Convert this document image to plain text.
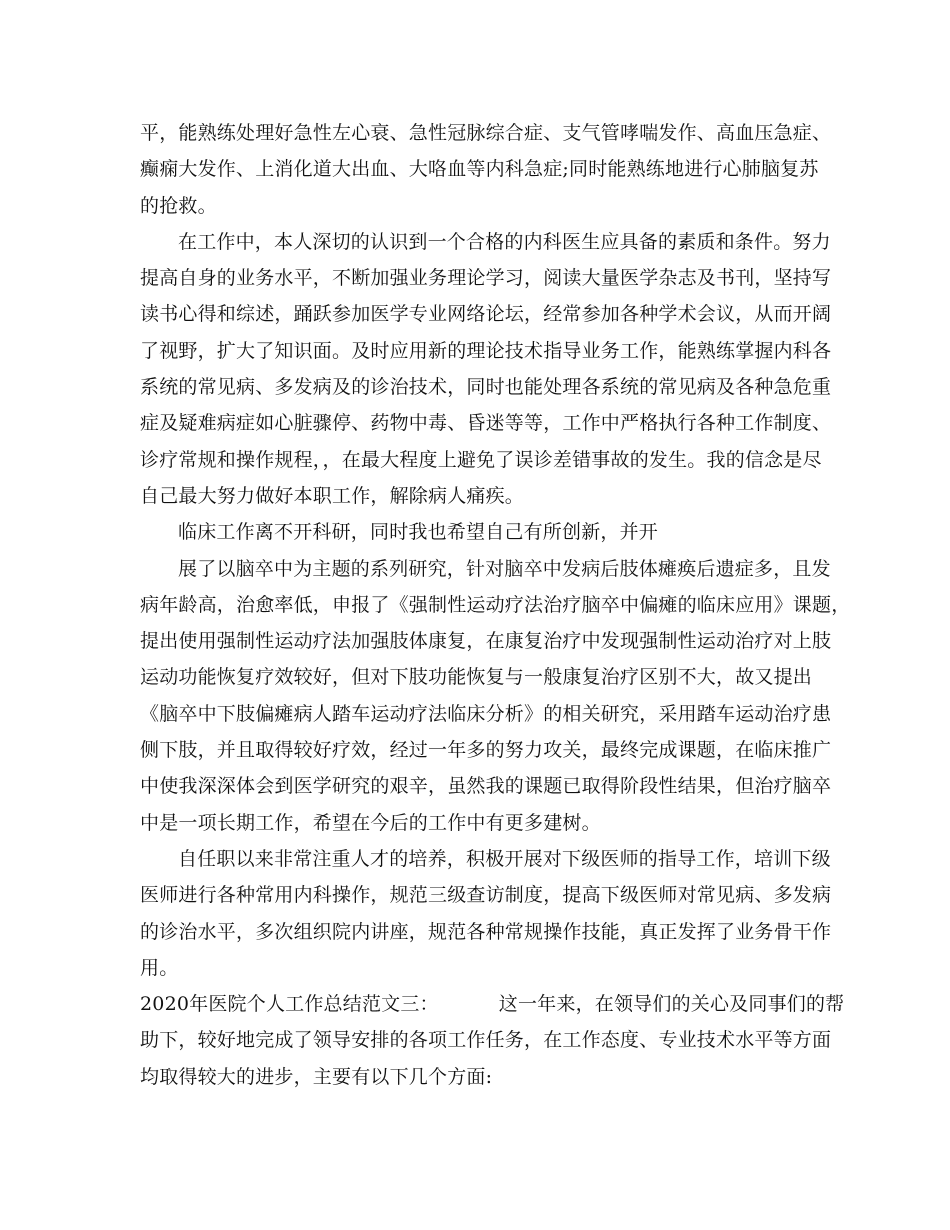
平，能熟练处理好急性左心衰、急性冠脉综合症、支气管哮喘发作、高血压急症、
癫痫大发作、上消化道大出血、大咯血等内科急症;同时能熟练地进行心肺脑复苏
的抢救。
在工作中，本人深切的认识到一个合格的内科医生应具备的素质和条件。努力
提高自身的业务水平，不断加强业务理论学习，阅读大量医学杂志及书刊，坚持写
读书心得和综述，踊跃参加医学专业网络论坛，经常参加各种学术会议，从而开阔
了视野，扩大了知识面。及时应用新的理论技术指导业务工作，能熟练掌握内科各
系统的常见病、多发病及的诊治技术，同时也能处理各系统的常见病及各种急危重
症及疑难病症如心脏骤停、药物中毒、昏迷等等，工作中严格执行各种工作制度、
诊疗常规和操作规程，，在最大程度上避免了误诊差错事故的发生。我的信念是尽
自己最大努力做好本职工作，解除病人痛疾。
临床工作离不开科研，同时我也希望自己有所创新，并开
展了以脑卒中为主题的系列研究，针对脑卒中发病后肢体瘫痪后遗症多，且发
病年龄高，治愈率低，申报了《强制性运动疗法治疗脑卒中偏瘫的临床应用》课题，
提出使用强制性运动疗法加强肢体康复，在康复治疗中发现强制性运动治疗对上肢
运动功能恢复疗效较好，但对下肢功能恢复与一般康复治疗区别不大，故又提出
《脑卒中下肢偏瘫病人踏车运动疗法临床分析》的相关研究，采用踏车运动治疗患
侧下肢，并且取得较好疗效，经过一年多的努力攻关，最终完成课题，在临床推广
中使我深深体会到医学研究的艰辛，虽然我的课题已取得阶段性结果，但治疗脑卒
中是一项长期工作，希望在今后的工作中有更多建树。
自任职以来非常注重人才的培养，积极开展对下级医师的指导工作，培训下级
医师进行各种常用内科操作，规范三级查访制度，提高下级医师对常见病、多发病
的诊治水平，多次组织院内讲座，规范各种常规操作技能，真正发挥了业务骨干作
用。
2020年医院个人工作总结范文三：	这一年来，在领导们的关心及同事们的帮
助下，较好地完成了领导安排的各项工作任务，在工作态度、专业技术水平等方面
均取得较大的进步，主要有以下几个方面:
